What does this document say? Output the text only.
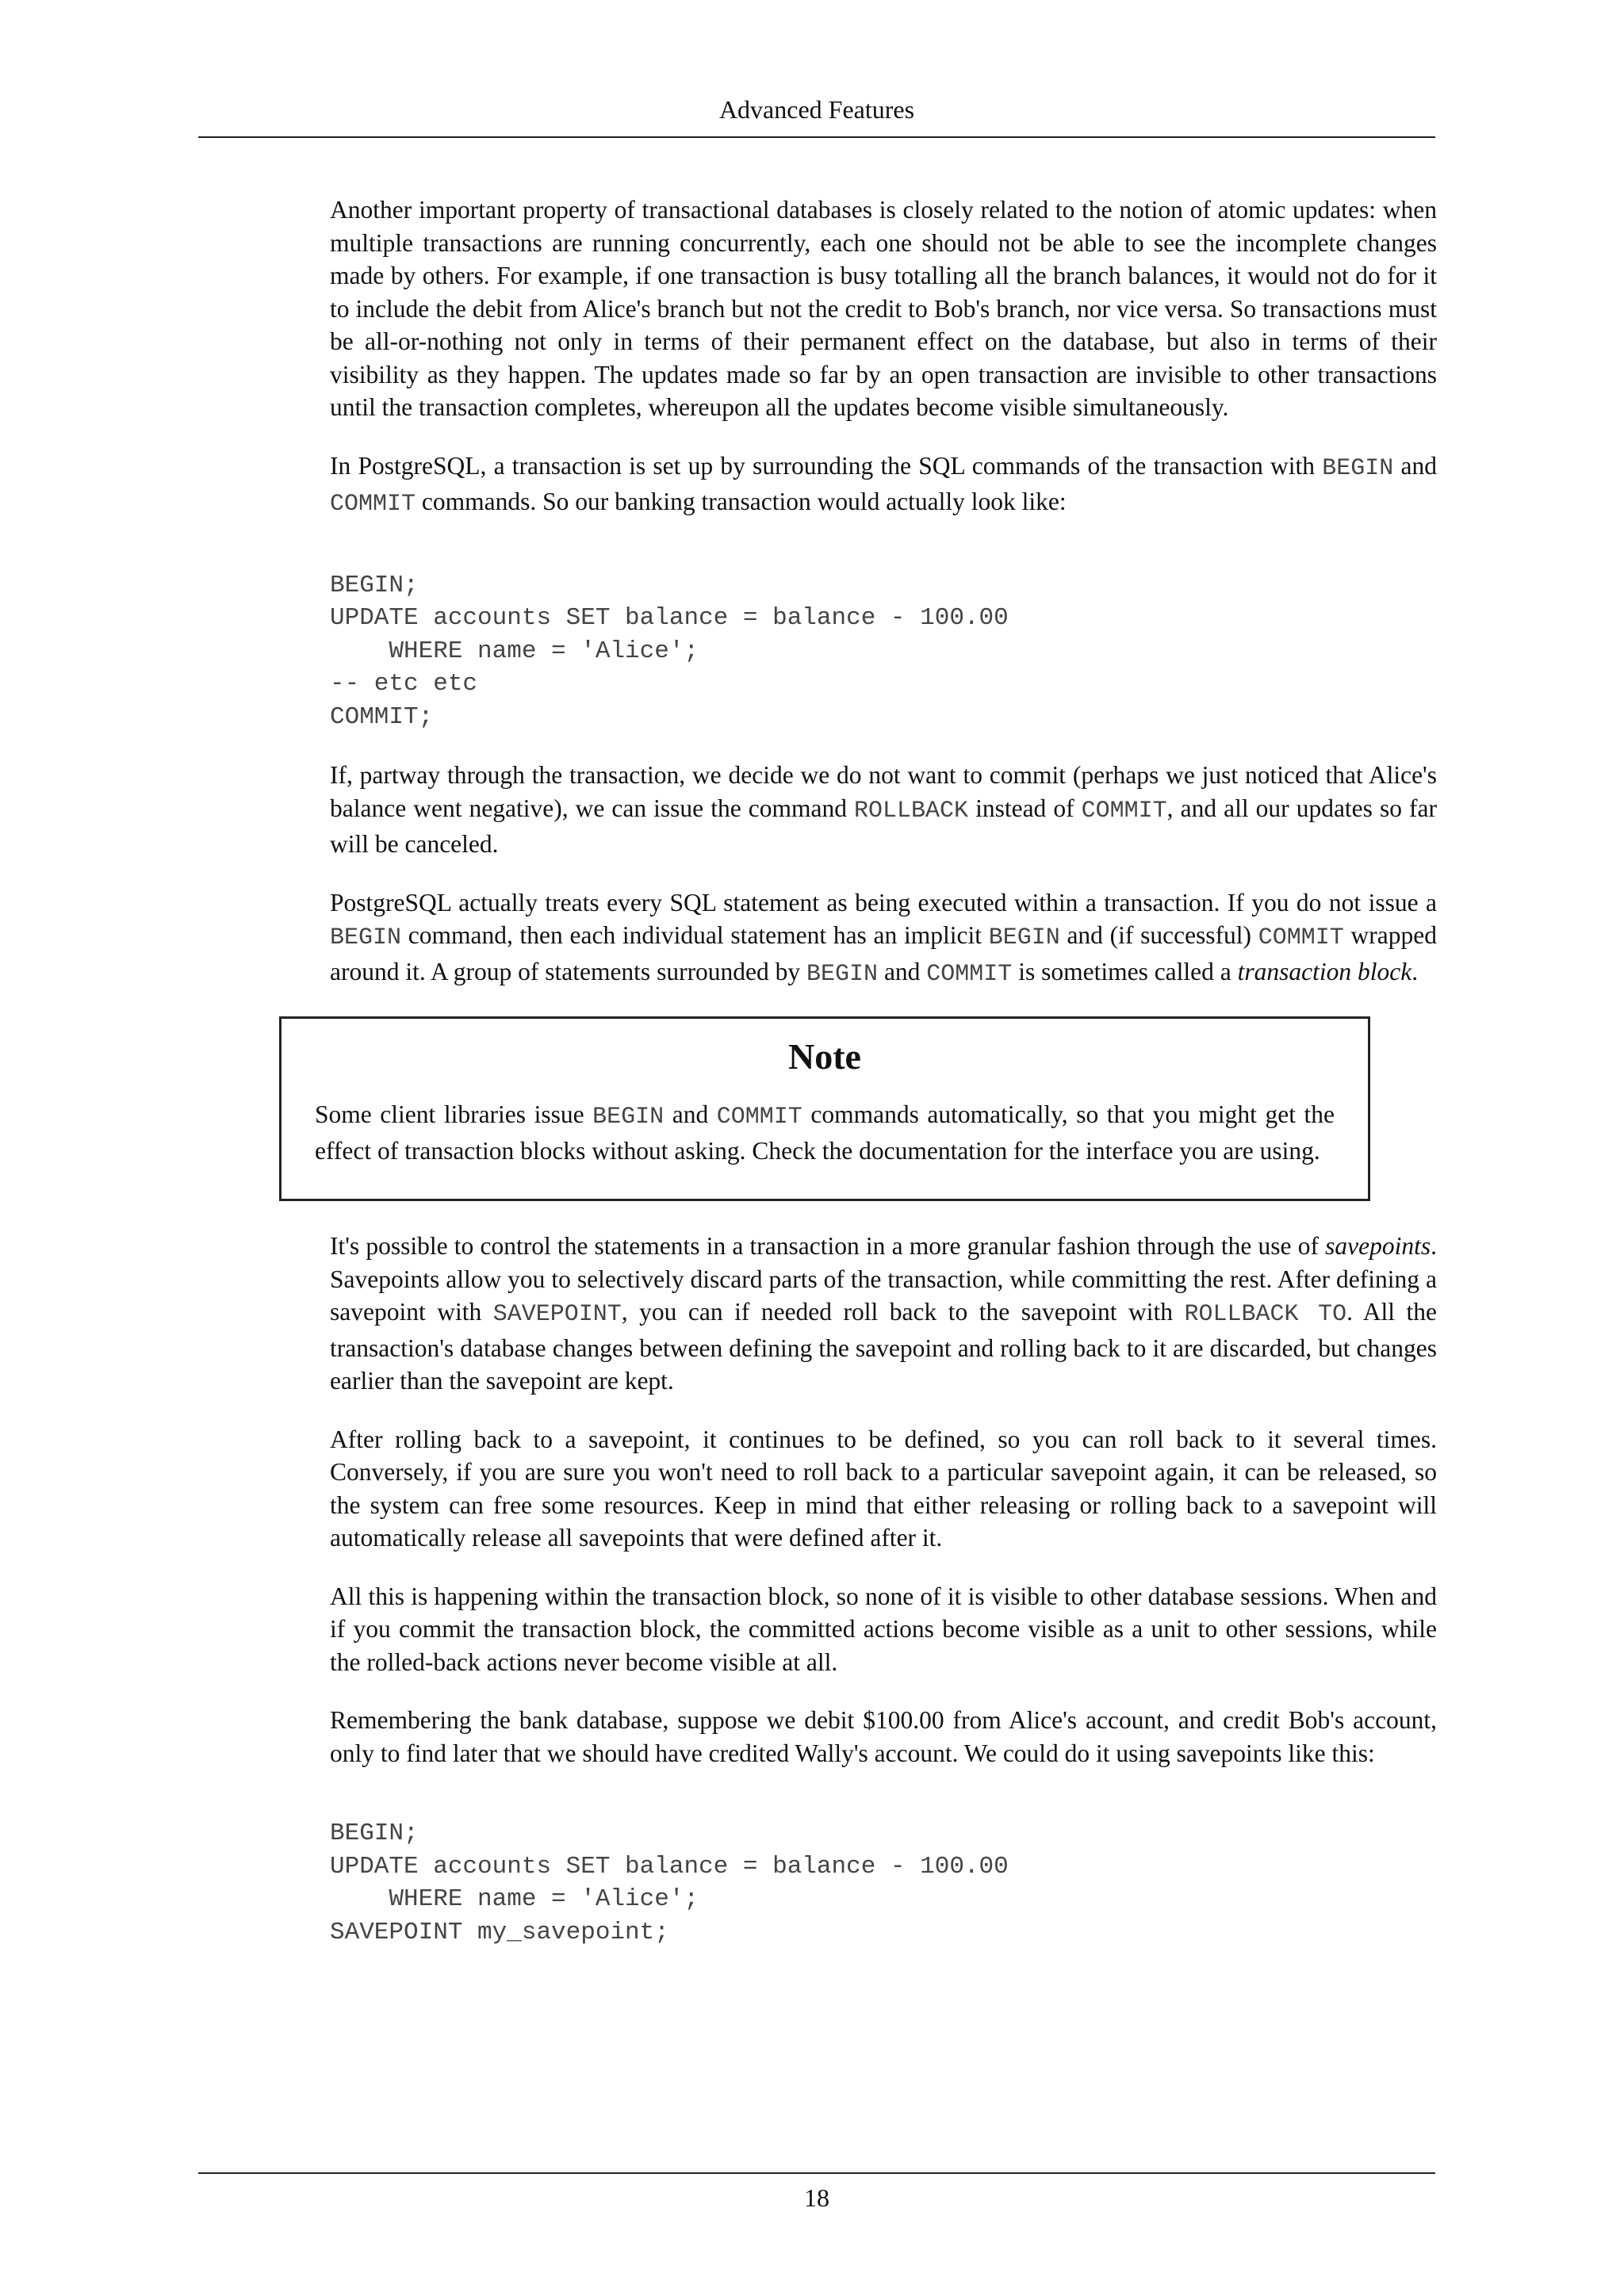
Advanced Features

Another important property of transactional databases is closely related to the notion of atomic updates: when multiple transactions are running concurrently, each one should not be able to see the incomplete changes made by others. For example, if one transaction is busy totalling all the branch balances, it would not do for it to include the debit from Alice's branch but not the credit to Bob's branch, nor vice versa. So transactions must be all-or-nothing not only in terms of their permanent effect on the database, but also in terms of their visibility as they happen. The updates made so far by an open transaction are invisible to other transactions until the transaction completes, whereupon all the updates become visible simultaneously.

In PostgreSQL, a transaction is set up by surrounding the SQL commands of the transaction with BEGIN and COMMIT commands. So our banking transaction would actually look like:

BEGIN;
UPDATE accounts SET balance = balance - 100.00
WHERE name = 'Alice';
-- etc etc
COMMIT;

If, partway through the transaction, we decide we do not want to commit (perhaps we just noticed that Alice's balance went negative), we can issue the command ROLLBACK instead of COMMIT, and all our updates so far will be canceled.

PostgreSQL actually treats every SQL statement as being executed within a transaction. If you do not issue a BEGIN command, then each individual statement has an implicit BEGIN and (if successful) COMMIT wrapped around it. A group of statements surrounded by BEGIN and COMMIT is sometimes called a transaction block.

Note

Some client libraries issue BEGIN and COMMIT commands automatically, so that you might get the effect of transaction blocks without asking. Check the documentation for the interface you are using.

It's possible to control the statements in a transaction in a more granular fashion through the use of savepoints. Savepoints allow you to selectively discard parts of the transaction, while committing the rest. After defining a savepoint with SAVEPOINT, you can if needed roll back to the savepoint with ROLLBACK TO. All the transaction's database changes between defining the savepoint and rolling back to it are discarded, but changes earlier than the savepoint are kept.

After rolling back to a savepoint, it continues to be defined, so you can roll back to it several times. Conversely, if you are sure you won't need to roll back to a particular savepoint again, it can be released, so the system can free some resources. Keep in mind that either releasing or rolling back to a savepoint will automatically release all savepoints that were defined after it.

All this is happening within the transaction block, so none of it is visible to other database sessions. When and if you commit the transaction block, the committed actions become visible as a unit to other sessions, while the rolled-back actions never become visible at all.

Remembering the bank database, suppose we debit $100.00 from Alice's account, and credit Bob's account, only to find later that we should have credited Wally's account. We could do it using savepoints like this:

BEGIN;
UPDATE accounts SET balance = balance - 100.00
WHERE name = 'Alice';
SAVEPOINT my_savepoint;
18
